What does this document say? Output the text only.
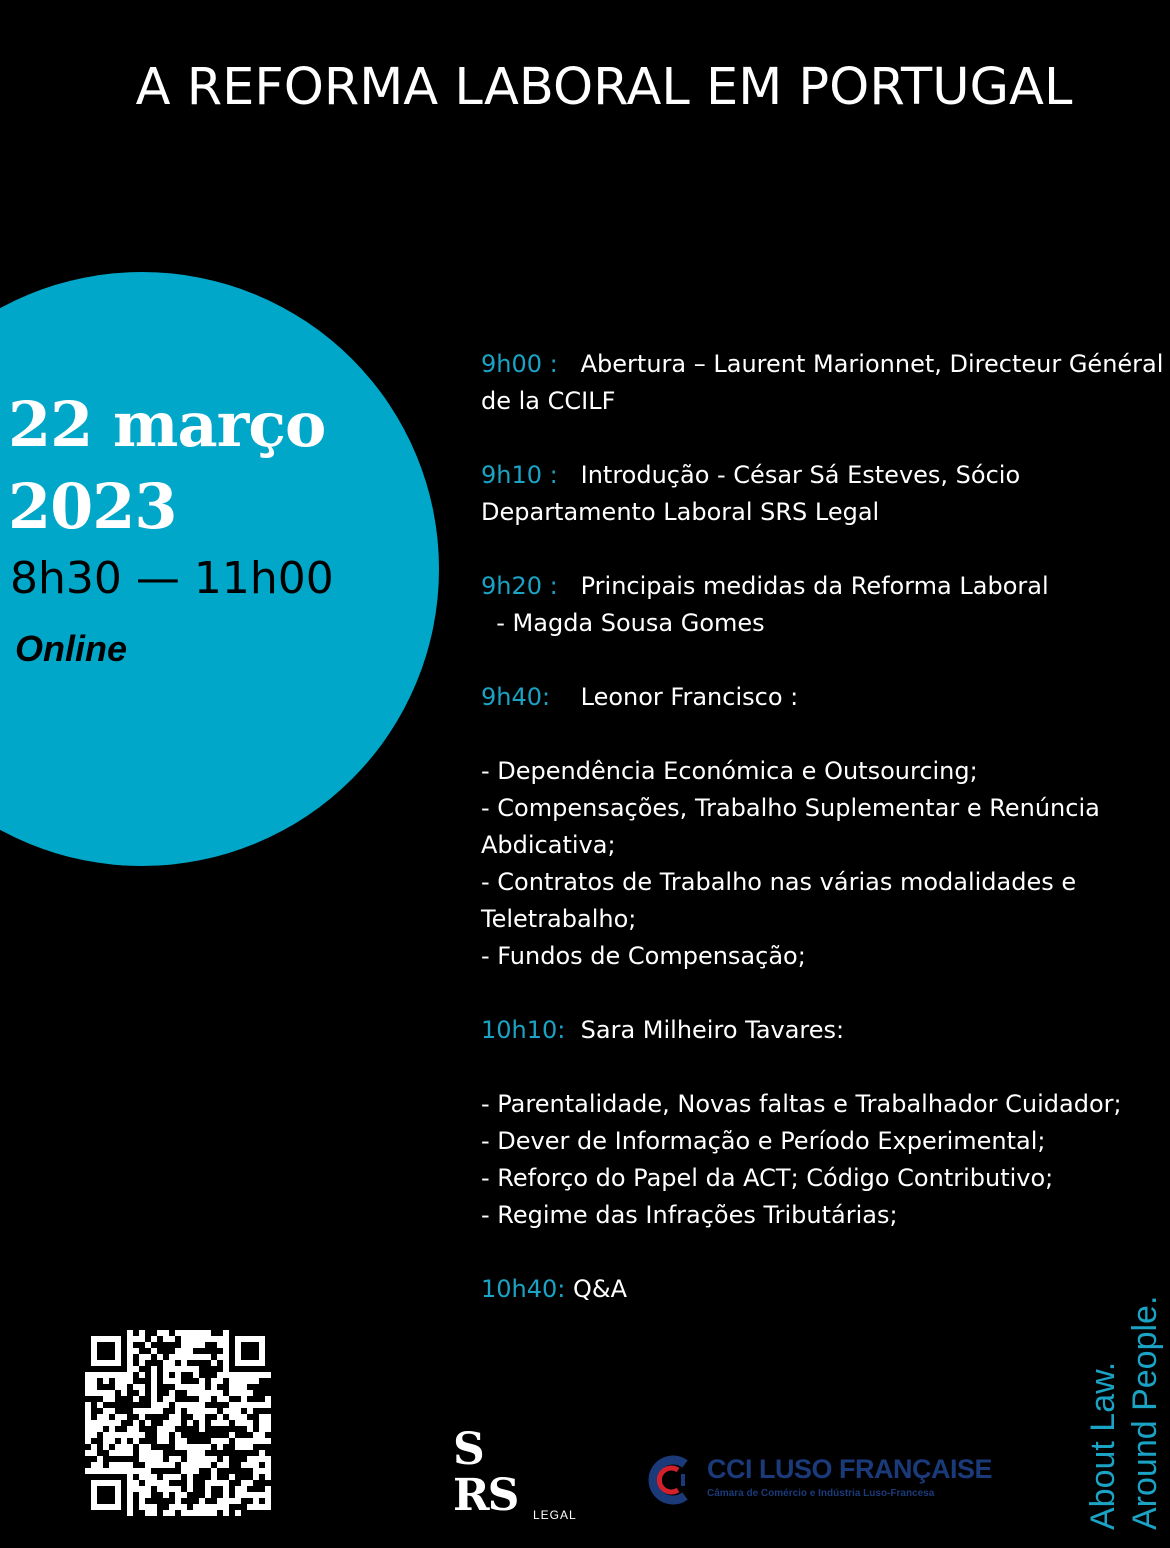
A REFORMA LABORAL EM PORTUGAL
22 março
2023
8h30 — 11h00
Online
9h00 : Abertura – Laurent Marionnet, Directeur Général
de la CCILF
9h10 : Introdução - César Sá Esteves, Sócio
Departamento Laboral SRS Legal
9h20 : Principais medidas da Reforma Laboral
- Magda Sousa Gomes
9h40: Leonor Francisco :
- Dependência Económica e Outsourcing;
- Compensações, Trabalho Suplementar e Renúncia
Abdicativa;
- Contratos de Trabalho nas várias modalidades e
Teletrabalho;
- Fundos de Compensação;
10h10: Sara Milheiro Tavares:
- Parentalidade, Novas faltas e Trabalhador Cuidador;
- Dever de Informação e Período Experimental;
- Reforço do Papel da ACT; Código Contributivo;
- Regime das Infrações Tributárias;
10h40: Q&A
S
RS LEGAL
CCI LUSO FRANÇAISE
Câmara de Comércio e Indústria Luso-Francesa	About Law. Around People.
